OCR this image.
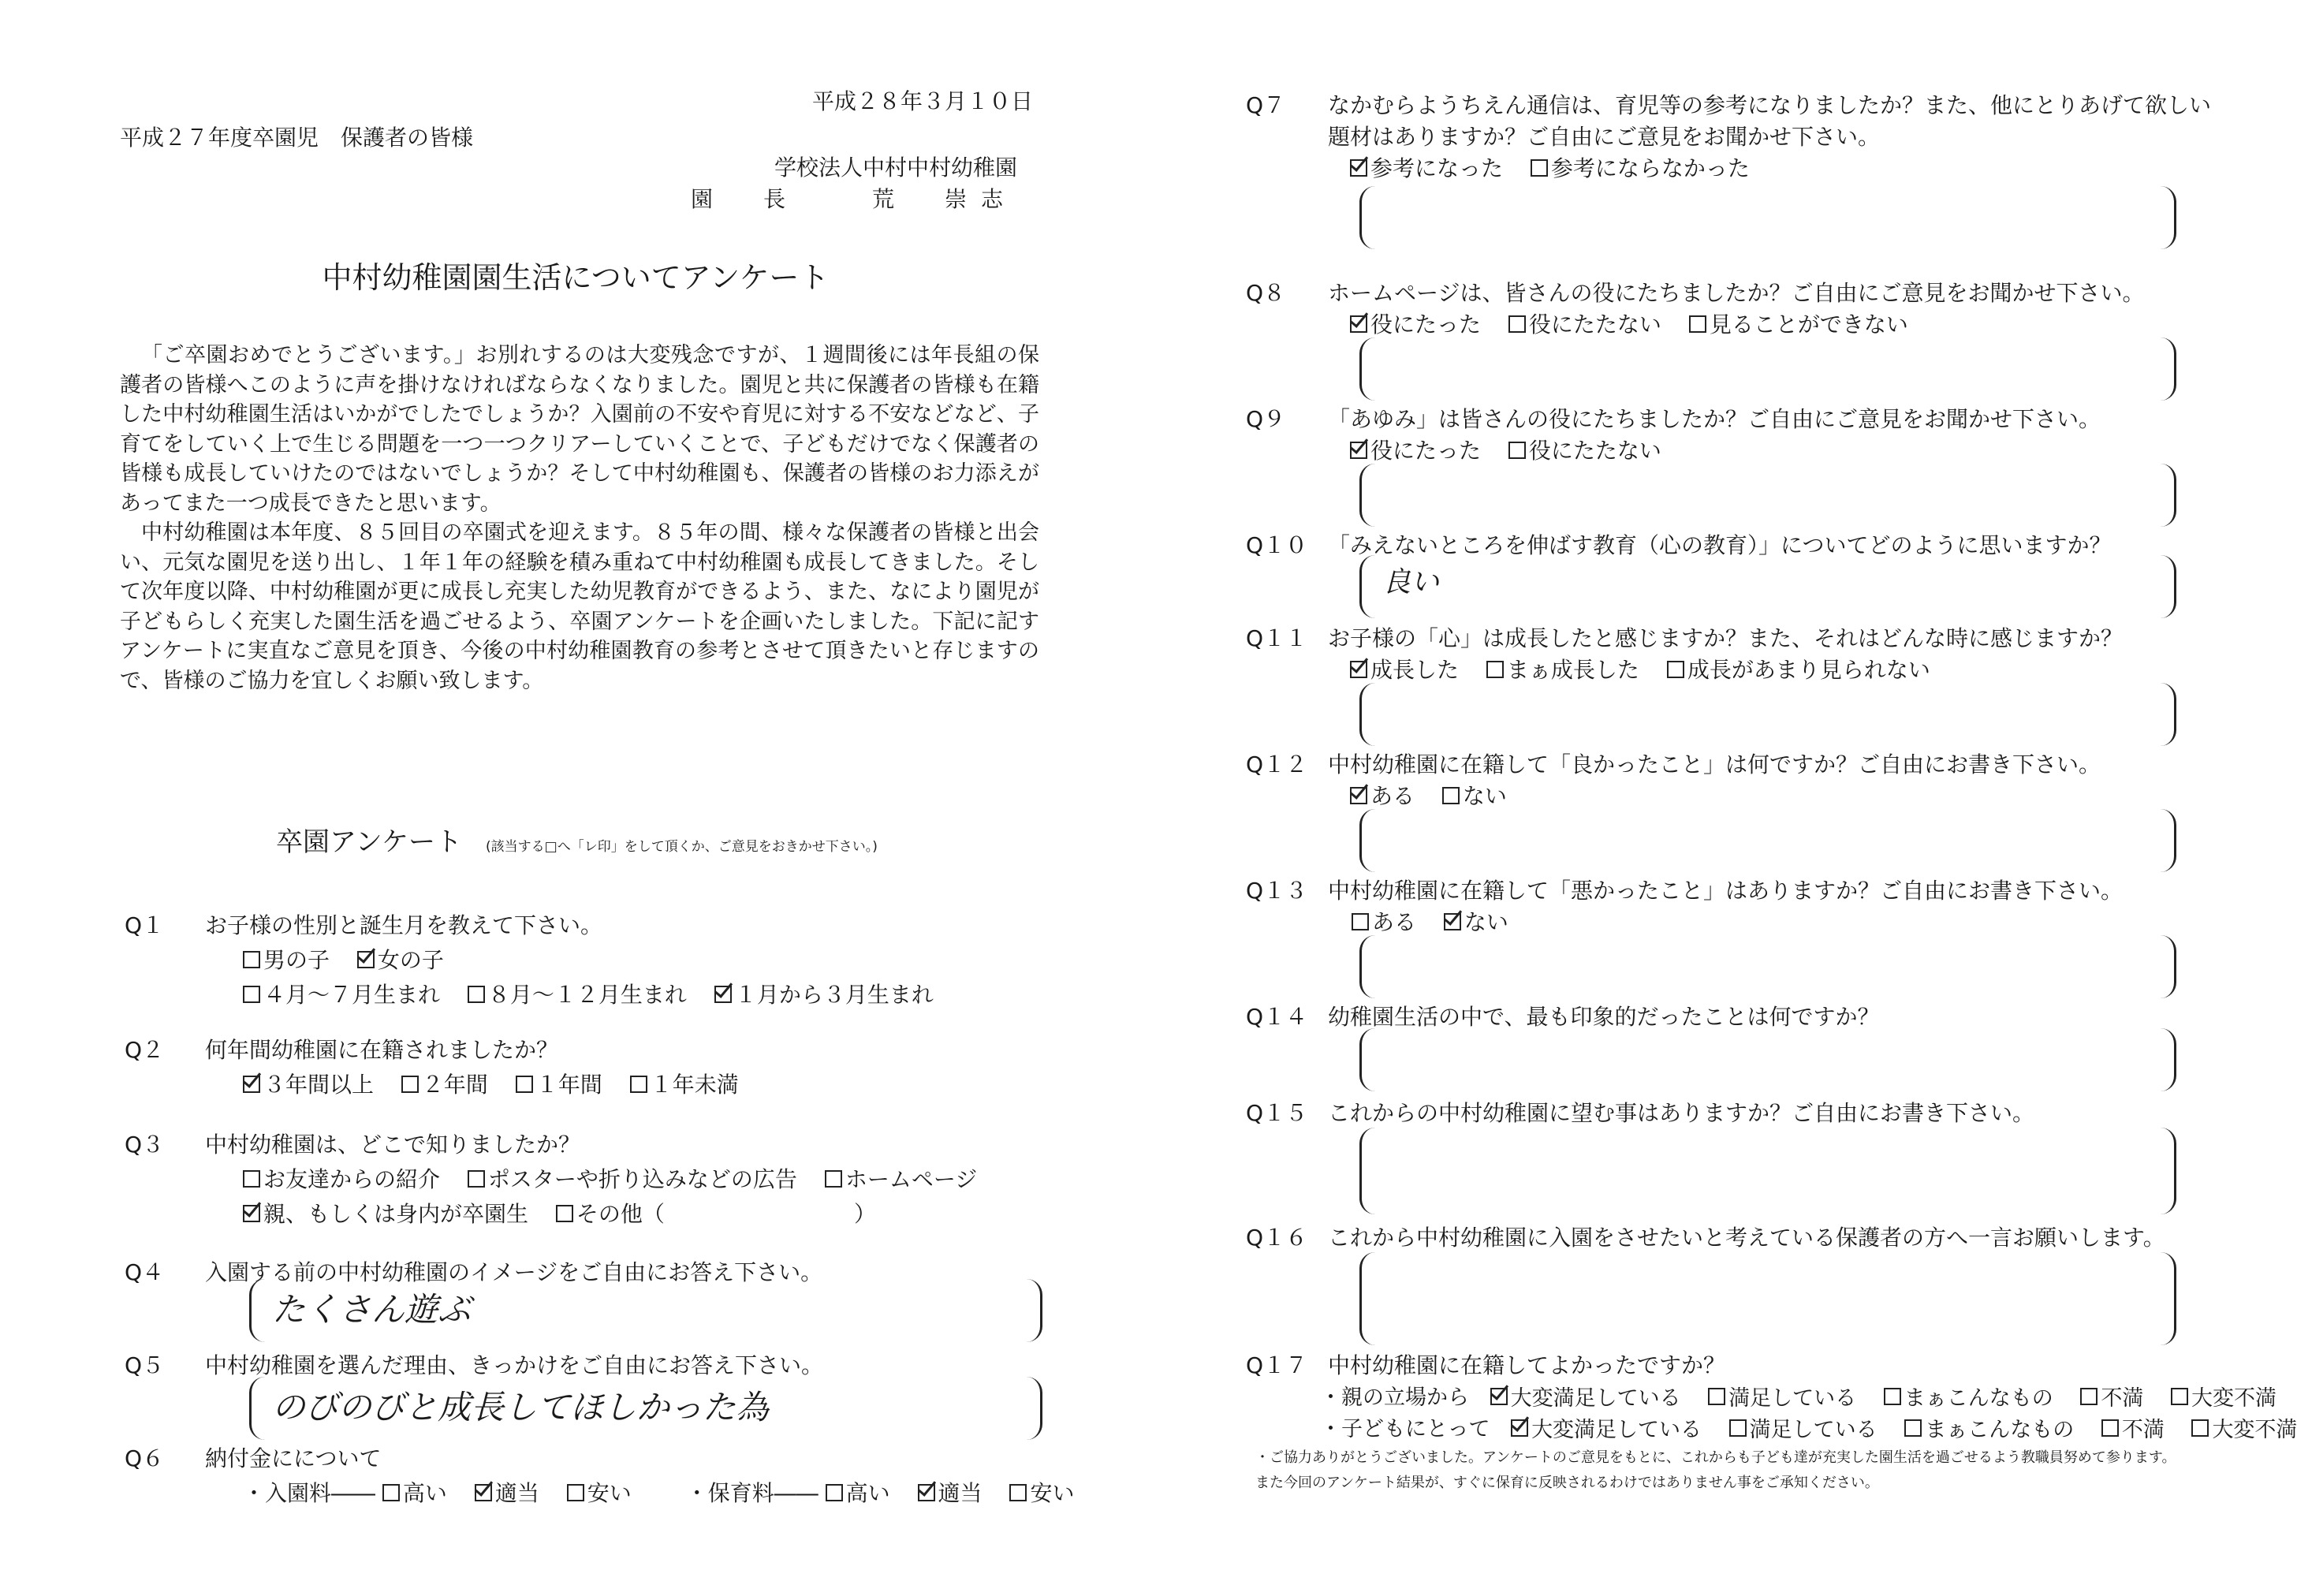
平成２８年３月１０日
平成２７年度卒園児　保護者の皆様
学校法人中村中村幼稚園
園　長　　荒　崇志
中村幼稚園園生活についてアンケート

「ご卒園おめでとうございます。」お別れするのは大変残念ですが、１週間後には年長組の保護者の皆様へこのように声を掛けなければならなくなりました。園児と共に保護者の皆様も在籍した中村幼稚園生活はいかがでしたでしょうか？入園前の不安や育児に対する不安などなど、子育てをしていく上で生じる問題を一つ一つクリアーしていくことで、子どもだけでなく保護者の皆様も成長していけたのではないでしょうか？そして中村幼稚園も、保護者の皆様のお力添えがあってまた一つ成長できたと思います。

中村幼稚園は本年度、８５回目の卒園式を迎えます。８５年の間、様々な保護者の皆様と出会い、元気な園児を送り出し、１年１年の経験を積み重ねて中村幼稚園も成長してきました。そして次年度以降、中村幼稚園が更に成長し充実した幼児教育ができるよう、また、なにより園児が子どもらしく充実した園生活を過ごせるよう、卒園アンケートを企画いたしました。下記に記すアンケートに実直なご意見を頂き、今後の中村幼稚園教育の参考とさせて頂きたいと存じますので、皆様のご協力を宜しくお願い致します。

卒園アンケート (該当する□へ「レ印」をして頂くか、ご意見をおきかせ下さい。)
Q１ お子様の性別と誕生月を教えて下さい。
男の子
女の子
４月～７月生まれ
８月～１２月生まれ
１月から３月生まれ
Q２ 何年間幼稚園に在籍されましたか？
３年間以上
２年間
１年間
１年未満
Q３ 中村幼稚園は、どこで知りましたか？
お友達からの紹介
ポスターや折り込みなどの広告
ホームページ
親、もしくは身内が卒園生
その他（	）
Q４ 入園する前の中村幼稚園のイメージをご自由にお答え下さい。
たくさん遊ぶ
Q５ 中村幼稚園を選んだ理由、きっかけをご自由にお答え下さい。
のびのびと成長してほしかった為
Q６ 納付金にについて
・入園料―― 高い
適当
安い ・保育料―― 高い
適当
安い
Q７ なかむらようちえん通信は、育児等の参考になりましたか？また、他にとりあげて欲しい
題材はありますか？ご自由にご意見をお聞かせ下さい。
参考になった
参考にならなかった
Q８ ホームページは、皆さんの役にたちましたか？ご自由にご意見をお聞かせ下さい。
役にたった
役にたたない
見ることができない
Q９ 「あゆみ」は皆さんの役にたちましたか？ご自由にご意見をお聞かせ下さい。
役にたった
役にたたない
Q１０ 「みえないところを伸ばす教育（心の教育）」についてどのように思いますか？
良い
Q１１ お子様の「心」は成長したと感じますか？また、それはどんな時に感じますか？
成長した
まぁ成長した
成長があまり見られない
Q１２ 中村幼稚園に在籍して「良かったこと」は何ですか？ご自由にお書き下さい。
ある
ない
Q１３ 中村幼稚園に在籍して「悪かったこと」はありますか？ご自由にお書き下さい。
ある
ない
Q１４ 幼稚園生活の中で、最も印象的だったことは何ですか？
Q１５ これからの中村幼稚園に望む事はありますか？ご自由にお書き下さい。
Q１６ これから中村幼稚園に入園をさせたいと考えている保護者の方へ一言お願いします。
Q１７ 中村幼稚園に在籍してよかったですか？
・親の立場から 大変満足している
満足している
まぁこんなもの
不満
大変不満
・子どもにとって 大変満足している
満足している
まぁこんなもの
不満
大変不満
・ご協力ありがとうございました。アンケートのご意見をもとに、これからも子ども達が充実した園生活を過ごせるよう教職員努めて参ります。
また今回のアンケート結果が、すぐに保育に反映されるわけではありません事をご承知ください。
